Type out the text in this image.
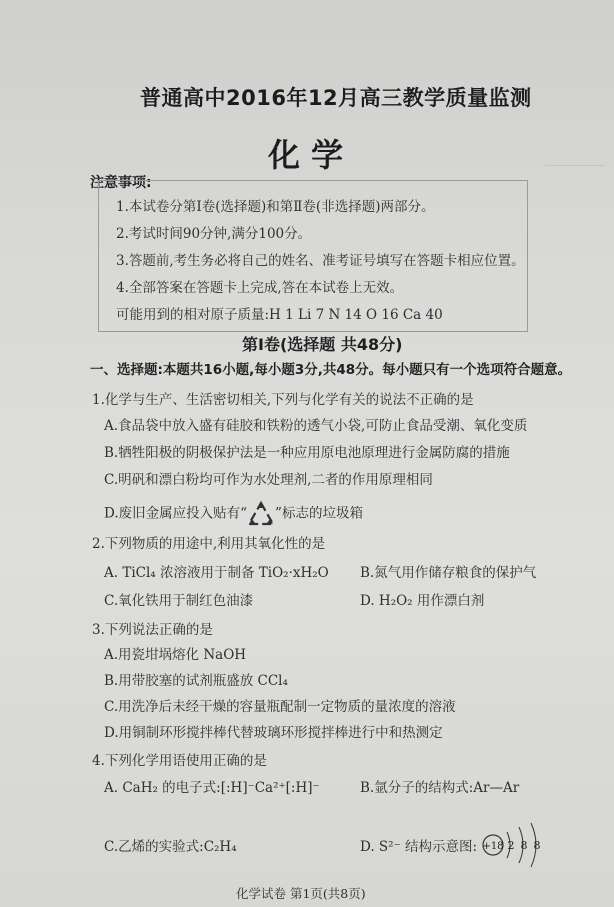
普通高中2016年12月高三教学质量监测
化 学
注意事项:
1.本试卷分第Ⅰ卷(选择题)和第Ⅱ卷(非选择题)两部分。
2.考试时间90分钟,满分100分。
3.答题前,考生务必将自己的姓名、准考证号填写在答题卡相应位置。
4.全部答案在答题卡上完成,答在本试卷上无效。
可能用到的相对原子质量:H 1 Li 7 N 14 O 16 Ca 40
第Ⅰ卷(选择题 共48分)
一、选择题:本题共16小题,每小题3分,共48分。每小题只有一个选项符合题意。
1.化学与生产、生活密切相关,下列与化学有关的说法不正确的是
A.食品袋中放入盛有硅胶和铁粉的透气小袋,可防止食品受潮、氧化变质
B.牺牲阳极的阴极保护法是一种应用原电池原理进行金属防腐的措施
C.明矾和漂白粉均可作为水处理剂,二者的作用原理相同
D.废旧金属应投入贴有“ ”标志的垃圾箱
2.下列物质的用途中,利用其氧化性的是
A. TiCl₄ 浓溶液用于制备 TiO₂·xH₂O B.氮气用作储存粮食的保护气
C.氧化铁用于制红色油漆	D. H₂O₂ 用作漂白剂
3.下列说法正确的是
A.用瓷坩埚熔化 NaOH
B.用带胶塞的试剂瓶盛放 CCl₄
C.用洗净后未经干燥的容量瓶配制一定物质的量浓度的溶液
D.用铜制环形搅拌棒代替玻璃环形搅拌棒进行中和热测定
4.下列化学用语使用正确的是
A. CaH₂ 的电子式:[:H]⁻Ca²⁺[:H]⁻	B.氩分子的结构式:Ar—Ar
C.乙烯的实验式:C₂H₄	D. S²⁻ 结构示意图: +18 2 8 8
化学试卷 第1页(共8页)
